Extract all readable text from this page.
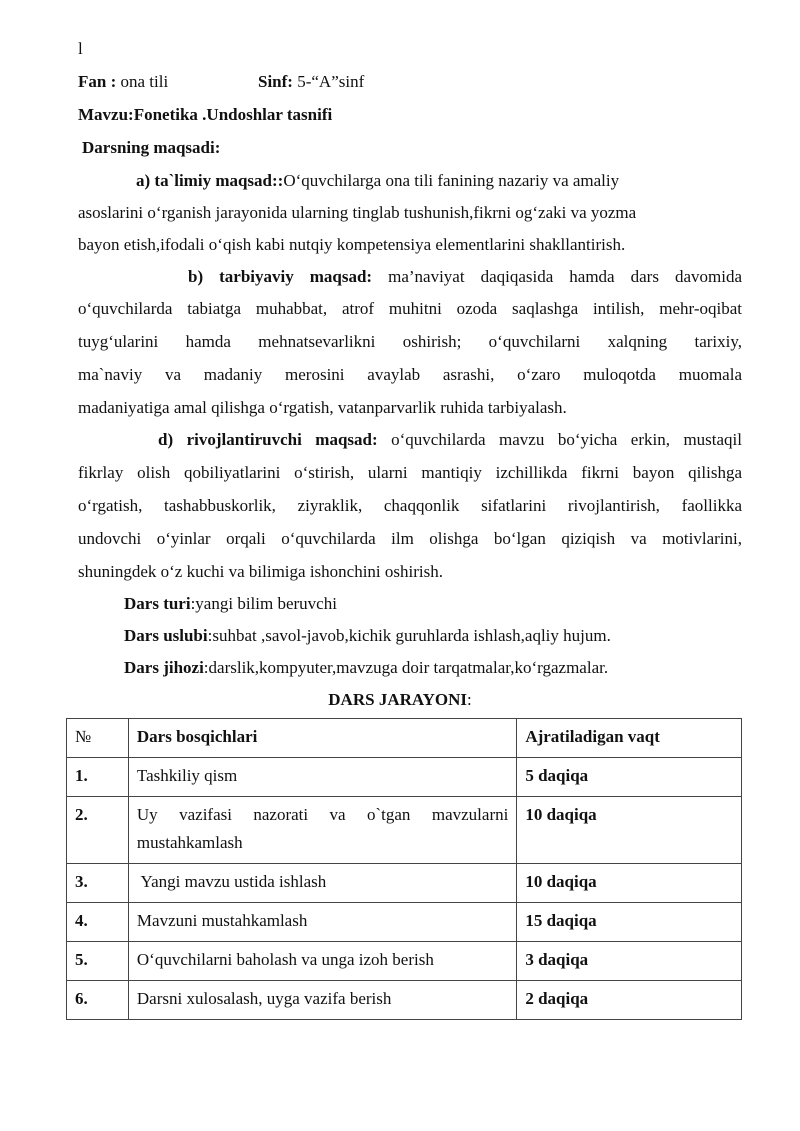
l
Fan : ona tili	Sinf: 5-“A”sinf
Mavzu:Fonetika .Undoshlar tasnifi
Darsning maqsadi:
a) ta`limiy maqsad::O‘quvchilarga ona tili fanining nazariy va amaliy
asoslarini o‘rganish jarayonida ularning tinglab tushunish,fikrni og‘zaki va yozma
bayon etish,ifodali o‘qish kabi nutqiy kompetensiya elementlarini shakllantirish.
b) tarbiyaviy maqsad: ma’naviyat daqiqasida hamda dars davomida
o‘quvchilarda tabiatga muhabbat, atrof muhitni ozoda saqlashga intilish, mehr-oqibat
tuyg‘ularini hamda mehnatsevarlikni oshirish; o‘quvchilarni xalqning tarixiy,
ma`naviy va madaniy merosini avaylab asrashi, o‘zaro muloqotda muomala
madaniyatiga amal qilishga o‘rgatish, vatanparvarlik ruhida tarbiyalash.
d) rivojlantiruvchi maqsad: o‘quvchilarda mavzu bo‘yicha erkin, mustaqil
fikrlay olish qobiliyatlarini o‘stirish, ularni mantiqiy izchillikda fikrni bayon qilishga
o‘rgatish, tashabbuskorlik, ziyraklik, chaqqonlik sifatlarini rivojlantirish, faollikka
undovchi o‘yinlar orqali o‘quvchilarda ilm olishga bo‘lgan qiziqish va motivlarini,
shuningdek o‘z kuchi va bilimiga ishonchini oshirish.
Dars turi:yangi bilim beruvchi
Dars uslubi:suhbat ,savol-javob,kichik guruhlarda ishlash,aqliy hujum.
Dars jihozi:darslik,kompyuter,mavzuga doir tarqatmalar,ko‘rgazmalar.
DARS JARAYONI:
№	Dars bosqichlari	Ajratiladigan vaqt
1.	Tashkiliy qism	5 daqiqa
2.	Uy vazifasi nazorati va o`tgan mavzularni
mustahkamlash	10 daqiqa
3.	Yangi mavzu ustida ishlash	10 daqiqa
4.	Mavzuni mustahkamlash	15 daqiqa
5.	O‘quvchilarni baholash va unga izoh berish	3 daqiqa
6.	Darsni xulosalash, uyga vazifa berish	2 daqiqa
